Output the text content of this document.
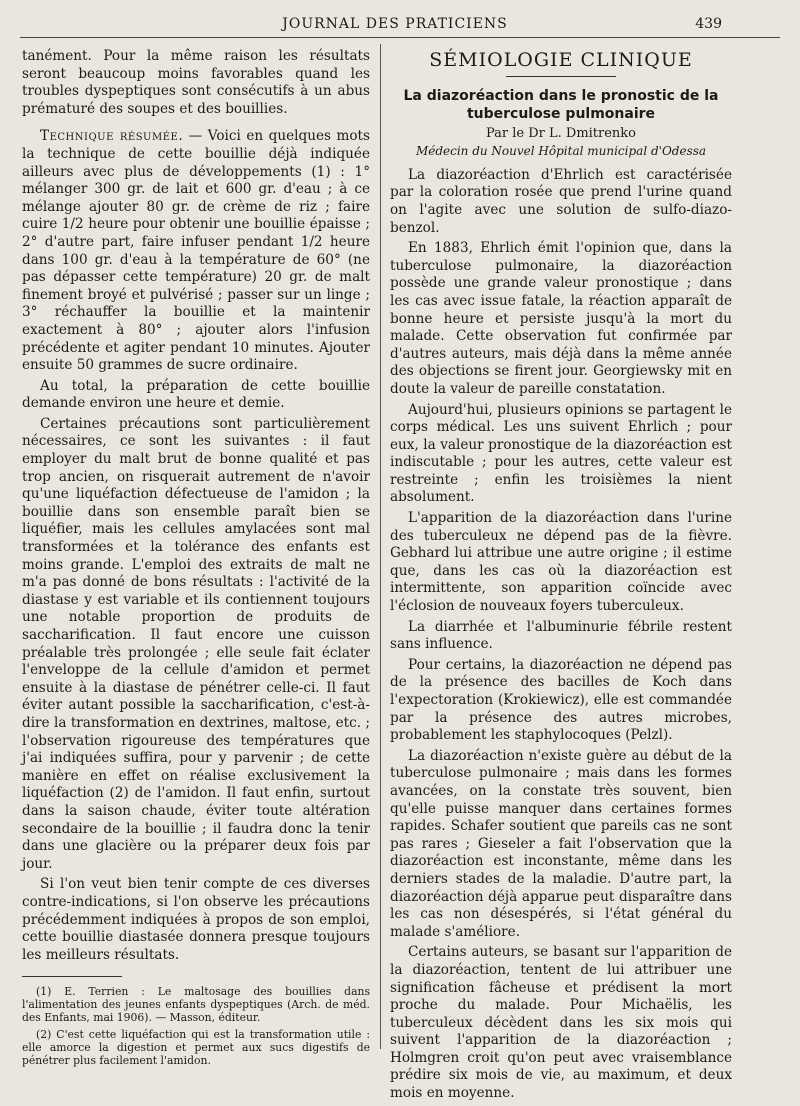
JOURNAL DES PRATICIENS	439

tanément. Pour la même raison les résultats seront beaucoup moins favorables quand les troubles dyspeptiques sont consécutifs à un abus prématuré des soupes et des bouillies.

Technique résumée. — Voici en quelques mots la technique de cette bouillie déjà indiquée ailleurs avec plus de développements (1) : 1° mélanger 300 gr. de lait et 600 gr. d'eau ; à ce mélange ajouter 80 gr. de crème de riz ; faire cuire 1/2 heure pour obtenir une bouillie épaisse ; 2° d'autre part, faire infuser pendant 1/2 heure dans 100 gr. d'eau à la température de 60° (ne pas dépasser cette température) 20 gr. de malt finement broyé et pulvérisé ; passer sur un linge ; 3° réchauffer la bouillie et la maintenir exactement à 80° ; ajouter alors l'infusion précédente et agiter pendant 10 minutes. Ajouter ensuite 50 grammes de sucre ordinaire.

Au total, la préparation de cette bouillie demande environ une heure et demie.

Certaines précautions sont particulièrement nécessaires, ce sont les suivantes : il faut employer du malt brut de bonne qualité et pas trop ancien, on risquerait autrement de n'avoir qu'une liquéfaction défectueuse de l'amidon ; la bouillie dans son ensemble paraît bien se liquéfier, mais les cellules amylacées sont mal transformées et la tolérance des enfants est moins grande. L'emploi des extraits de malt ne m'a pas donné de bons résultats : l'activité de la diastase y est variable et ils contiennent toujours une notable proportion de produits de saccharification. Il faut encore une cuisson préalable très prolongée ; elle seule fait éclater l'enveloppe de la cellule d'amidon et permet ensuite à la diastase de pénétrer celle-ci. Il faut éviter autant possible la saccharification, c'est-à-dire la transformation en dextrines, maltose, etc. ; l'observation rigoureuse des températures que j'ai indiquées suffira, pour y parvenir ; de cette manière en effet on réalise exclusivement la liquéfaction (2) de l'amidon. Il faut enfin, surtout dans la saison chaude, éviter toute altération secondaire de la bouillie ; il faudra donc la tenir dans une glacière ou la préparer deux fois par jour.

Si l'on veut bien tenir compte de ces diverses contre-indications, si l'on observe les précautions précédemment indiquées à propos de son emploi, cette bouillie diastasée donnera presque toujours les meilleurs résultats.

(1) E. Terrien : Le maltosage des bouillies dans l'alimentation des jeunes enfants dyspeptiques (Arch. de méd. des Enfants, mai 1906). — Masson, éditeur.

(2) C'est cette liquéfaction qui est la transformation utile : elle amorce la digestion et permet aux sucs digestifs de pénétrer plus facilement l'amidon.

SÉMIOLOGIE CLINIQUE
La diazoréaction dans le pronostic de la tuberculose pulmonaire
Par le Dr L. Dmitrenko
Médecin du Nouvel Hôpital municipal d'Odessa

La diazoréaction d'Ehrlich est caractérisée par la coloration rosée que prend l'urine quand on l'agite avec une solution de sulfo-diazo-benzol.

En 1883, Ehrlich émit l'opinion que, dans la tuberculose pulmonaire, la diazoréaction possède une grande valeur pronostique ; dans les cas avec issue fatale, la réaction apparaît de bonne heure et persiste jusqu'à la mort du malade. Cette observation fut confirmée par d'autres auteurs, mais déjà dans la même année des objections se firent jour. Georgiewsky mit en doute la valeur de pareille constatation.

Aujourd'hui, plusieurs opinions se partagent le corps médical. Les uns suivent Ehrlich ; pour eux, la valeur pronostique de la diazoréaction est indiscutable ; pour les autres, cette valeur est restreinte ; enfin les troisièmes la nient absolument.

L'apparition de la diazoréaction dans l'urine des tuberculeux ne dépend pas de la fièvre. Gebhard lui attribue une autre origine ; il estime que, dans les cas où la diazoréaction est intermittente, son apparition coïncide avec l'éclosion de nouveaux foyers tuberculeux.

La diarrhée et l'albuminurie fébrile restent sans influence.

Pour certains, la diazoréaction ne dépend pas de la présence des bacilles de Koch dans l'expectoration (Krokiewicz), elle est commandée par la présence des autres microbes, probablement les staphylocoques (Pelzl).

La diazoréaction n'existe guère au début de la tuberculose pulmonaire ; mais dans les formes avancées, on la constate très souvent, bien qu'elle puisse manquer dans certaines formes rapides. Schafer soutient que pareils cas ne sont pas rares ; Gieseler a fait l'observation que la diazoréaction est inconstante, même dans les derniers stades de la maladie. D'autre part, la diazoréaction déjà apparue peut disparaître dans les cas non désespérés, si l'état général du malade s'améliore.

Certains auteurs, se basant sur l'apparition de la diazoréaction, tentent de lui attribuer une signification fâcheuse et prédisent la mort proche du malade. Pour Michaëlis, les tuberculeux décèdent dans les six mois qui suivent l'apparition de la diazoréaction ; Holmgren croit qu'on peut avec vraisemblance prédire six mois de vie, au maximum, et deux mois en moyenne.
